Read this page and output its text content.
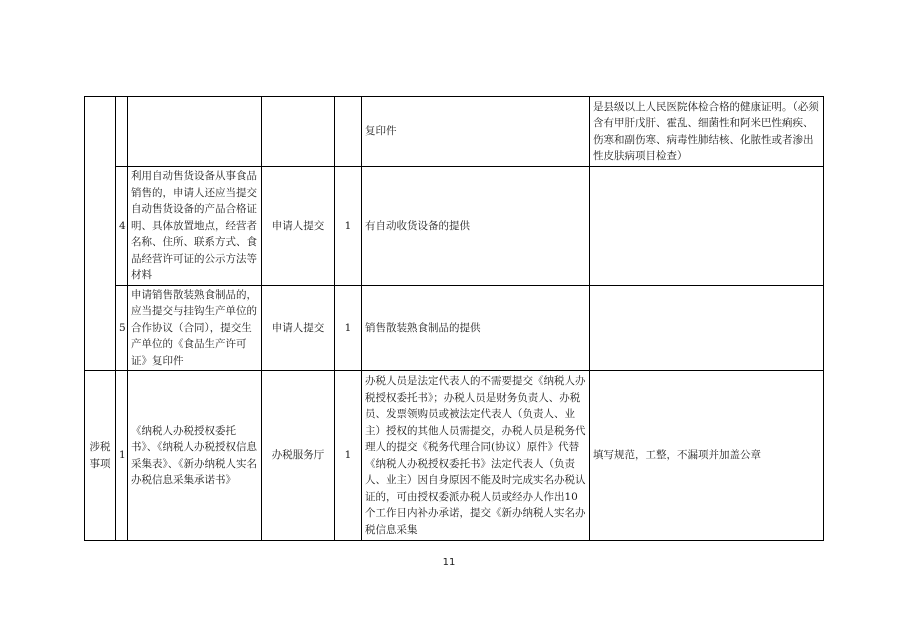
					复印件	是县级以上人民医院体检合格的健康证明。（必须含有甲肝戊肝、霍乱、细菌性和阿米巴性痢疾、伤寒和副伤寒、病毒性肺结核、化脓性或者渗出性皮肤病项目检查）
	4	利用自动售货设备从事食品销售的，申请人还应当提交自动售货设备的产品合格证明、具体放置地点，经营者名称、住所、联系方式、食品经营许可证的公示方法等材料	申请人提交	1	有自动收货设备的提供	
	5	申请销售散装熟食制品的，应当提交与挂钩生产单位的合作协议（合同），提交生产单位的《食品生产许可证》复印件	申请人提交	1	销售散装熟食制品的提供	
涉税事项	1	《纳税人办税授权委托书》、《纳税人办税授权信息采集表》、《新办纳税人实名办税信息采集承诺书》	办税服务厅	1	办税人员是法定代表人的不需要提交《纳税人办税授权委托书》；办税人员是财务负责人、办税员、发票领购员或被法定代表人（负责人、业主）授权的其他人员需提交，办税人员是税务代理人的提交《税务代理合同(协议）原件》代替《纳税人办税授权委托书》法定代表人（负责人、业主）因自身原因不能及时完成实名办税认证的，可由授权委派办税人员或经办人作出10个工作日内补办承诺，提交《新办纳税人实名办税信息采集	填写规范，工整，不漏项并加盖公章
11
